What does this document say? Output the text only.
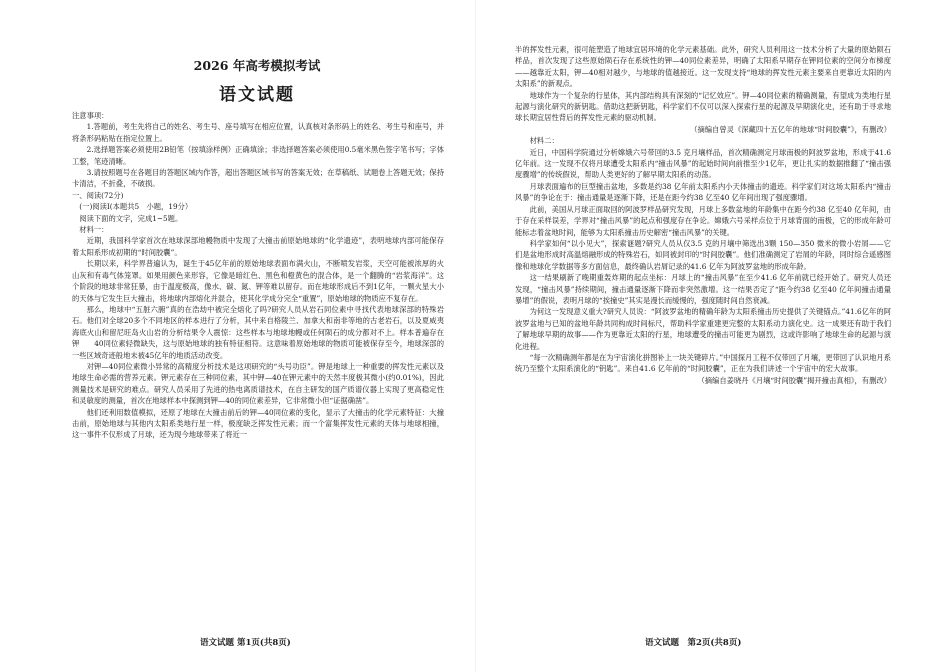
2026 年高考模拟考试
语文试题

注意事项：

1.答题前，考生先将自己的姓名、考生号、座号填写在相应位置，认真核对条形码上的姓名、考生号和座号，并将条形码粘贴在指定位置上。

2.选择题答案必须使用2B铅笔（按填涂样例）正确填涂；非选择题答案必须使用0.5毫米黑色签字笔书写；字体工整，笔迹清晰。

3.请按照题号在各题目的答题区域内作答，超出答题区域书写的答案无效；在草稿纸、试题卷上答题无效；保持卡清洁，不折叠，不破损。

一、阅读(72分)

(一)阅读Ⅰ(本题共5　小题，19分）

阅读下面的文字，完成1~5题。

材料一：

近期，我国科学家首次在地球深部地幔物质中发现了大撞击前原始地球的“化学遗迹”，表明地球内部可能保存着太阳系形成初期的“时间胶囊”。

长期以来，科学界普遍认为，诞生于45亿年前的原始地球表面布满火山，不断喷发岩浆，天空可能被浓厚的火山灰和有毒气体笼罩。如果用颜色来形容，它像是暗红色、黑色和橙黄色的混合体，是一个翻腾的“岩浆海洋”。这个阶段的地球非常狂暴，由于温度极高，像水、碳、氮、钾等难以留存。而在地球形成后不到1亿年，一颗火星大小的天体与它发生巨大撞击，将地球内部熔化并混合，使其化学成分完全“重置”，原始地球的物质应不复存在。

那么，地球中“五脏六腑”真的在浩劫中被完全熔化了吗?研究人员从岩石同位素中寻找代表地球深部的特殊岩石。他们对全球20多个不同地区的样本进行了分析，其中来自格陵兰、加拿大和南非等地的古老岩石，以及夏威夷海底火山和留尼旺岛火山岩的分析结果令人震惊：这些样本与地球地幔或任何陨石的成分都对不上。样本普遍存在钾　　40同位素轻微缺失，这与原始地球的独有特征相符。这意味着原始地球的物质可能被保存至今，地球深部的一些区域奇迹般地未被45亿年的地质活动改变。

对钾—40同位素微小异常的高精度分析技术是这项研究的“头号功臣”。钾是地球上一种重要的挥发性元素以及地球生命必需的营养元素。钾元素存在三种同位素，其中钾—40在钾元素中的天然丰度极其微小(约0.01%)，因此测量技术是研究的难点。研究人员采用了先进的热电离质谱技术，在自主研发的国产质谱仪器上实现了更高稳定性和灵敏度的测量，首次在地球样本中探测到钾—40的同位素差异，它非常微小但“证据确凿”。

他们还利用数值模拟，还原了地球在大撞击前后的钾—40同位素的变化，显示了大撞击的化学元素特征：大撞击前，原始地球与其他内太阳系类地行星一样，极度缺乏挥发性元素；而一个富集挥发性元素的天体与地球相撞，这一事件不仅形成了月球，还为现今地球带来了将近一

半的挥发性元素，很可能塑造了地球宜居环境的化学元素基础。此外，研究人员利用这一技术分析了大量的原始陨石样品，首次发现了这些原始陨石存在系统性的钾—40同位素差异，明确了太阳系早期存在钾同位素的空间分布梯度——越靠近太阳，钾—40相对越少，与地球的值越接近。这一发现支持“地球的挥发性元素主要来自更靠近太阳的内太阳系”的新观点。

地球作为一个复杂的行星体，其内部结构具有深刻的“记忆效应”。钾—40同位素的精确测量，有望成为类地行星起源与演化研究的新钥匙。借助这把新钥匙，科学家们不仅可以深入探索行星的起源及早期演化史，还有助于寻求地球长期宜居性背后的挥发性元素的驱动机制。

（摘编自曾灵《深藏四十五亿年的地球“时间胶囊”》，有删改）

材料二：

近日，中国科学院通过分析嫦娥六号带回的3.5 克月壤样品，首次精确测定月球南极的阿波罗盆地，形成于41.6 亿年前。这一发现不仅将月球遭受太阳系内“撞击风暴”的起始时间向前推至少1亿年，更让扎实的数据推翻了“撞击强度骤增”的传统假说，帮助人类更好的了解早期太阳系的动荡。

月球表面遍布的巨型撞击盆地，多数是约38 亿年前太阳系内小天体撞击的遗迹。科学家们对这场太阳系内“撞击风暴”的争论在于：撞击通量是逐渐下降，还是在距今约38 亿至40 亿年间出现了强度骤增。

此前，美国从月球正面取回的阿波罗样品研究发现，月球上多数盆地的年龄集中在距今约38 亿至40 亿年间，由于存在采样误差，学界对“撞击风暴”的起点和强度存在争论。嫦娥六号采样点位于月球背面的南极，它的形成年龄可能标志着盆地时间，能够为太阳系撞击历史解密“撞击风暴”的关键。

科学家如何“以小见大”，探索谜题?研究人员从仅3.5 克的月壤中筛选出3颗 150—350 微米的微小岩屑——它们是盆地形成时高温熔融形成的特殊岩石，如同被封印的“时间胶囊”。他们准确测定了岩屑的年龄，同时综合遥感图像和地球化学数据等多方面信息，最终确认岩屑记录的41.6 亿年为阿波罗盆地的形成年龄。

这一结果刷新了晚期重轰炸期的起点坐标：月球上的“撞击风暴”在至少41.6 亿年前就已经开始了。研究人员还发现，“撞击风暴”持续期间，撞击通量逐渐下降而非突然激增。这一结果否定了“距今约38 亿至40 亿年间撞击通量暴增”的假说，表明月球的“挨撞史”其实是漫长而缓慢的，强度随时间自然衰减。

为何这一发现意义重大?研究人员说：“阿波罗盆地的精确年龄为太阳系撞击历史提供了关键锚点。”41.6亿年的阿波罗盆地与已知的盆地年龄共同构成时间标尺，帮助科学家重建更完整的太阳系动力演化史。这一成果还有助于我们了解地球早期的故事——作为更靠近太阳的行星，地球遭受的撞击可能更为剧烈，这或许影响了地球生命的起源与演化进程。

“每一次精确测年都是在为宇宙演化拼图补上一块关键碎片。”中国探月工程不仅带回了月壤，更带回了认识地月系统乃至整个太阳系演化的“钥匙”。来自41.6 亿年前的“时间胶囊”，正在为我们讲述一个宇宙中的宏大故事。

（摘编自姜晓丹《月壤“时间胶囊”揭开撞击真相》，有删改）

语文试题 第1页(共8页)	语文试题　第2页(共8页)
